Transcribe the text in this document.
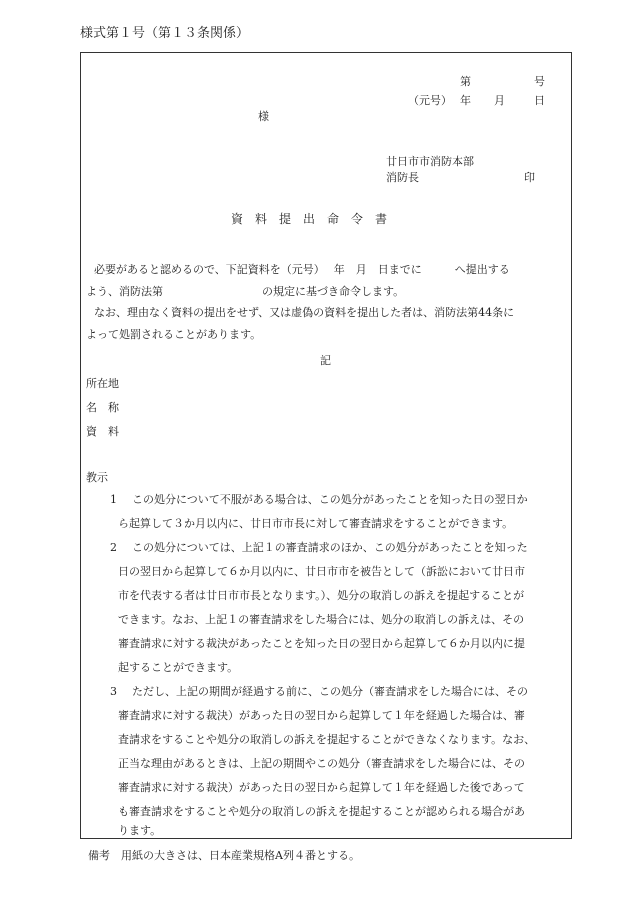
様式第１号（第１３条関係）
第	号
（元号） 年 月	日
様
廿日市市消防本部
消防長	印
資料提出命令書
必要があると認めるので、下記資料を（元号）　 年　月　日までに　　　へ提出する
よう、消防法第　　　　　　　　　の規定に基づき命令します。
なお、理由なく資料の提出をせず、又は虚偽の資料を提出した者は、消防法第44条に
よって処罰されることがあります。
記
所在地
名　称
資　料
教示
1 この処分について不服がある場合は、この処分があったことを知った日の翌日か
ら起算して３か月以内に、廿日市市長に対して審査請求をすることができます。
2 この処分については、上記１の審査請求のほか、この処分があったことを知った
日の翌日から起算して６か月以内に、廿日市市を被告として（訴訟において廿日市
市を代表する者は廿日市市長となります。）、処分の取消しの訴えを提起することが
できます。なお、上記１の審査請求をした場合には、処分の取消しの訴えは、その
審査請求に対する裁決があったことを知った日の翌日から起算して６か月以内に提
起することができます。
3 ただし、上記の期間が経過する前に、この処分（審査請求をした場合には、その
審査請求に対する裁決）があった日の翌日から起算して１年を経過した場合は、審
査請求をすることや処分の取消しの訴えを提起することができなくなります。なお、
正当な理由があるときは、上記の期間やこの処分（審査請求をした場合には、その
審査請求に対する裁決）があった日の翌日から起算して１年を経過した後であって
も審査請求をすることや処分の取消しの訴えを提起することが認められる場合があ
ります。
備考　用紙の大きさは、日本産業規格A列４番とする。
